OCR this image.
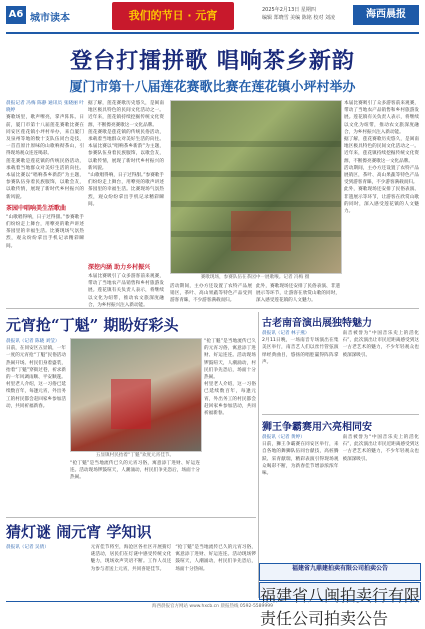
A6 城市读本	我们的节日 · 元宵	2025年2月13日 星期四
编辑 郑晓雪 美编 陈铭 校对 刘凌	海西晨报
登台打擂拼歌 唱响茶乡新韵
厦门市第十八届莲花赛歌比赛在莲花镇小坪村举办
晨报记者 冯梅 陈静 通讯员 张晓丽 叶晓婷
赛歌场里，歌声嘹亮，掌声阵阵。日前，厦门市第十八届莲花赛歌比赛在同安区莲花镇小坪村举办，来自厦门及泉州等地的数十支队伍同台竞技，一首首原汁原味的山歌响彻茶山，引得现场观众连连喝彩。
莲花赛歌是莲花镇的传统民俗活动，承载着当地群众对美好生活的向往。本届比赛以“唱响茶乡新韵”为主题，参赛队伍身着民族服饰，以歌会友，以歌传情，展现了新时代乡村振兴的新风貌。
茶园中唱响美生活歌曲
“山歌唱得响，日子过得甜。”参赛歌手们纷纷走上舞台，用嘹亮的歌声讲述茶园里的幸福生活。比赛现场气氛热烈，观众纷纷拿出手机记录精彩瞬间。
据了解，莲花赛歌历史悠久，是闽南地区极具特色的民间文化活动之一。近年来，莲花镇持续挖掘传统文化资源，不断擦亮赛歌这一文化品牌。
莲花赛歌是莲花镇的传统民俗活动，承载着当地群众对美好生活的向往。本届比赛以“唱响茶乡新韵”为主题，参赛队伍身着民族服饰，以歌会友，以歌传情，展现了新时代乡村振兴的新风貌。
“山歌唱得响，日子过得甜。”参赛歌手们纷纷走上舞台，用嘹亮的歌声讲述茶园里的幸福生活。比赛现场气氛热烈，观众纷纷拿出手机记录精彩瞬间。
赛歌现场，参赛队伍在茶园中一展歌喉。记者 冯梅 摄
活动期间，主办方还设置了农特产品展销区，茶叶、高山果蔬等特色产品受到游客青睐，不少游客满载而归。
此外，赛歌现场还安排了民俗表演、非遗展示等环节，让游客在欣赏山歌的同时，深入感受莲花镇的人文魅力。
深挖内涵 助力乡村振兴
本届比赛吸引了众多游客前来观赛，带动了当地农产品销售和乡村旅游发展。莲花镇有关负责人表示，将继续以文化为纽带，推动农文旅深度融合，为乡村振兴注入新动能。
本届比赛吸引了众多游客前来观赛，带动了当地农产品销售和乡村旅游发展。莲花镇有关负责人表示，将继续以文化为纽带，推动农文旅深度融合，为乡村振兴注入新动能。
据了解，莲花赛歌历史悠久，是闽南地区极具特色的民间文化活动之一。近年来，莲花镇持续挖掘传统文化资源，不断擦亮赛歌这一文化品牌。
活动期间，主办方还设置了农特产品展销区，茶叶、高山果蔬等特色产品受到游客青睐，不少游客满载而归。
此外，赛歌现场还安排了民俗表演、非遗展示等环节，让游客在欣赏山歌的同时，深入感受莲花镇的人文魅力。
元宵抢“丁魁” 期盼好彩头
晨报讯（记者 陈晓 刘莹）
日前，在同安区五显镇，一年一度的元宵抢“丁魁”民俗活动热闹开场。村民们身着盛装，抬着“丁魁”穿街过巷，祈求新的一年风调雨顺、平安顺遂。
村里老人介绍，这一习俗已延续数百年，每逢元宵，外出务工的村民都会赶回家乡参加活动，共同祈福新春。
五显镇村民抬着“丁魁”欢度元宵佳节。
“抢丁魁”是当地流传已久的元宵习俗，寓意添丁进财、好运连连。活动现场锣鼓喧天，人潮涌动，村民们争先恐后，场面十分热闹。
村里老人介绍，这一习俗已延续数百年，每逢元宵，外出务工的村民都会赶回家乡参加活动，共同祈福新春。
“抢丁魁”是当地流传已久的元宵习俗，寓意添丁进财、好运连连。活动现场锣鼓喧天，人潮涌动，村民们争先恐后，场面十分热闹。
猜灯谜 闹元宵 学知识
晨报讯（记者 吴倩）	元宵佳节将至，海沧区各社区开展猜灯谜活动，居民们在灯谜中感受传统文化魅力，现场欢声笑语不断。工作人员还为参与者送上元宵，共同喜迎佳节。
“抢丁魁”是当地流传已久的元宵习俗，寓意添丁进财、好运连连。活动现场锣鼓喧天，人潮涌动，村民们争先恐后，场面十分热闹。
古老南音演出展独特魅力
晨报讯（记者 林子燕）
2月11日晚，一场南音专场演出在集美区举行，南音艺人们以丝竹管弦演绎经典曲目，悠扬的唱腔赢得阵阵掌声。
南音被誉为“中国音乐史上的活化石”，此次演出让市民近距离感受到这一古老艺术的魅力，不少年轻观众也被深深吸引。
狮王争霸赛用六亮相同安
晨报讯（记者 黄婷）
日前，狮王争霸赛在同安区举行，来自各地的舞狮队伍同台献技，高桩腾跃、采青献瑞，精彩表演引得现场观众喝彩不断，为新春佳节增添浓浓年味。
南音被誉为“中国音乐史上的活化石”，此次演出让市民近距离感受到这一古老艺术的魅力，不少年轻观众也被深深吸引。
福建省九鼎建拍卖有限公司拍卖公告
福建省八闽拍卖行有限责任公司拍卖公告
海西晨报官方网站 www.hxcb.cn 晨报热线 0592-5589999
